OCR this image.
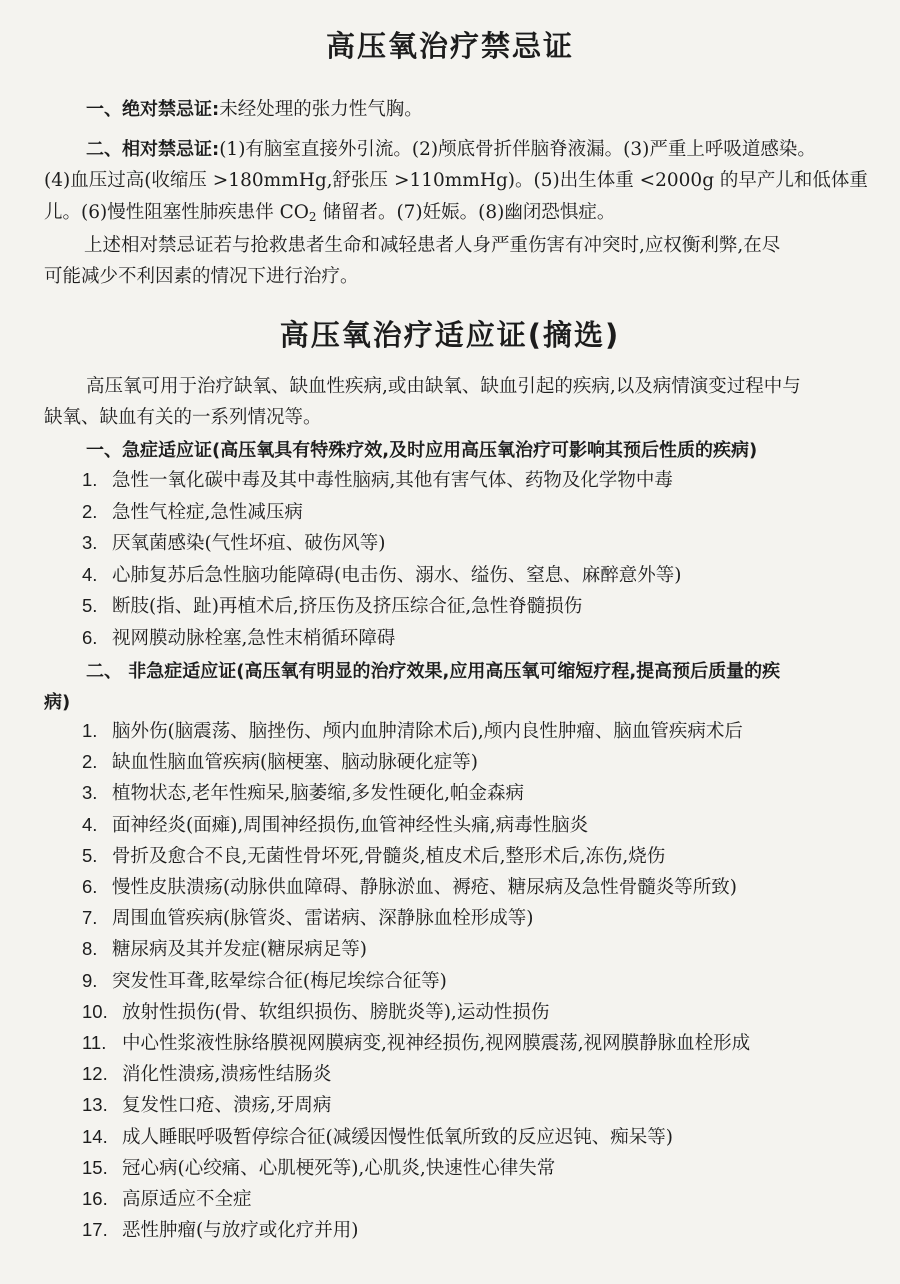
高压氧治疗禁忌证

一、绝对禁忌证:未经处理的张力性气胸。

二、相对禁忌证:(1)有脑室直接外引流。(2)颅底骨折伴脑脊液漏。(3)严重上呼吸道感染。

(4)血压过高(收缩压 >180mmHg,舒张压 >110mmHg)。(5)出生体重 <2000g 的早产儿和低体重

儿。(6)慢性阻塞性肺疾患伴 $CO_2$ 储留者。(7)妊娠。(8)幽闭恐惧症。

上述相对禁忌证若与抢救患者生命和减轻患者人身严重伤害有冲突时,应权衡利弊,在尽

可能减少不利因素的情况下进行治疗。

高压氧治疗适应证(摘选)

高压氧可用于治疗缺氧、缺血性疾病,或由缺氧、缺血引起的疾病,以及病情演变过程中与

缺氧、缺血有关的一系列情况等。

一、急症适应证(高压氧具有特殊疗效,及时应用高压氧治疗可影响其预后性质的疾病)

1. 急性一氧化碳中毒及其中毒性脑病,其他有害气体、药物及化学物中毒
2. 急性气栓症,急性减压病
3. 厌氧菌感染(气性坏疽、破伤风等)
4. 心肺复苏后急性脑功能障碍(电击伤、溺水、缢伤、窒息、麻醉意外等)
5. 断肢(指、趾)再植术后,挤压伤及挤压综合征,急性脊髓损伤
6. 视网膜动脉栓塞,急性末梢循环障碍

二、 非急症适应证(高压氧有明显的治疗效果,应用高压氧可缩短疗程,提高预后质量的疾

病)

1. 脑外伤(脑震荡、脑挫伤、颅内血肿清除术后),颅内良性肿瘤、脑血管疾病术后
2. 缺血性脑血管疾病(脑梗塞、脑动脉硬化症等)
3. 植物状态,老年性痴呆,脑萎缩,多发性硬化,帕金森病
4. 面神经炎(面瘫),周围神经损伤,血管神经性头痛,病毒性脑炎
5. 骨折及愈合不良,无菌性骨坏死,骨髓炎,植皮术后,整形术后,冻伤,烧伤
6. 慢性皮肤溃疡(动脉供血障碍、静脉淤血、褥疮、糖尿病及急性骨髓炎等所致)
7. 周围血管疾病(脉管炎、雷诺病、深静脉血栓形成等)
8. 糖尿病及其并发症(糖尿病足等)
9. 突发性耳聋,眩晕综合征(梅尼埃综合征等)
10. 放射性损伤(骨、软组织损伤、膀胱炎等),运动性损伤
11. 中心性浆液性脉络膜视网膜病变,视神经损伤,视网膜震荡,视网膜静脉血栓形成
12. 消化性溃疡,溃疡性结肠炎
13. 复发性口疮、溃疡,牙周病
14. 成人睡眠呼吸暂停综合征(减缓因慢性低氧所致的反应迟钝、痴呆等)
15. 冠心病(心绞痛、心肌梗死等),心肌炎,快速性心律失常
16. 高原适应不全症
17. 恶性肿瘤(与放疗或化疗并用)
